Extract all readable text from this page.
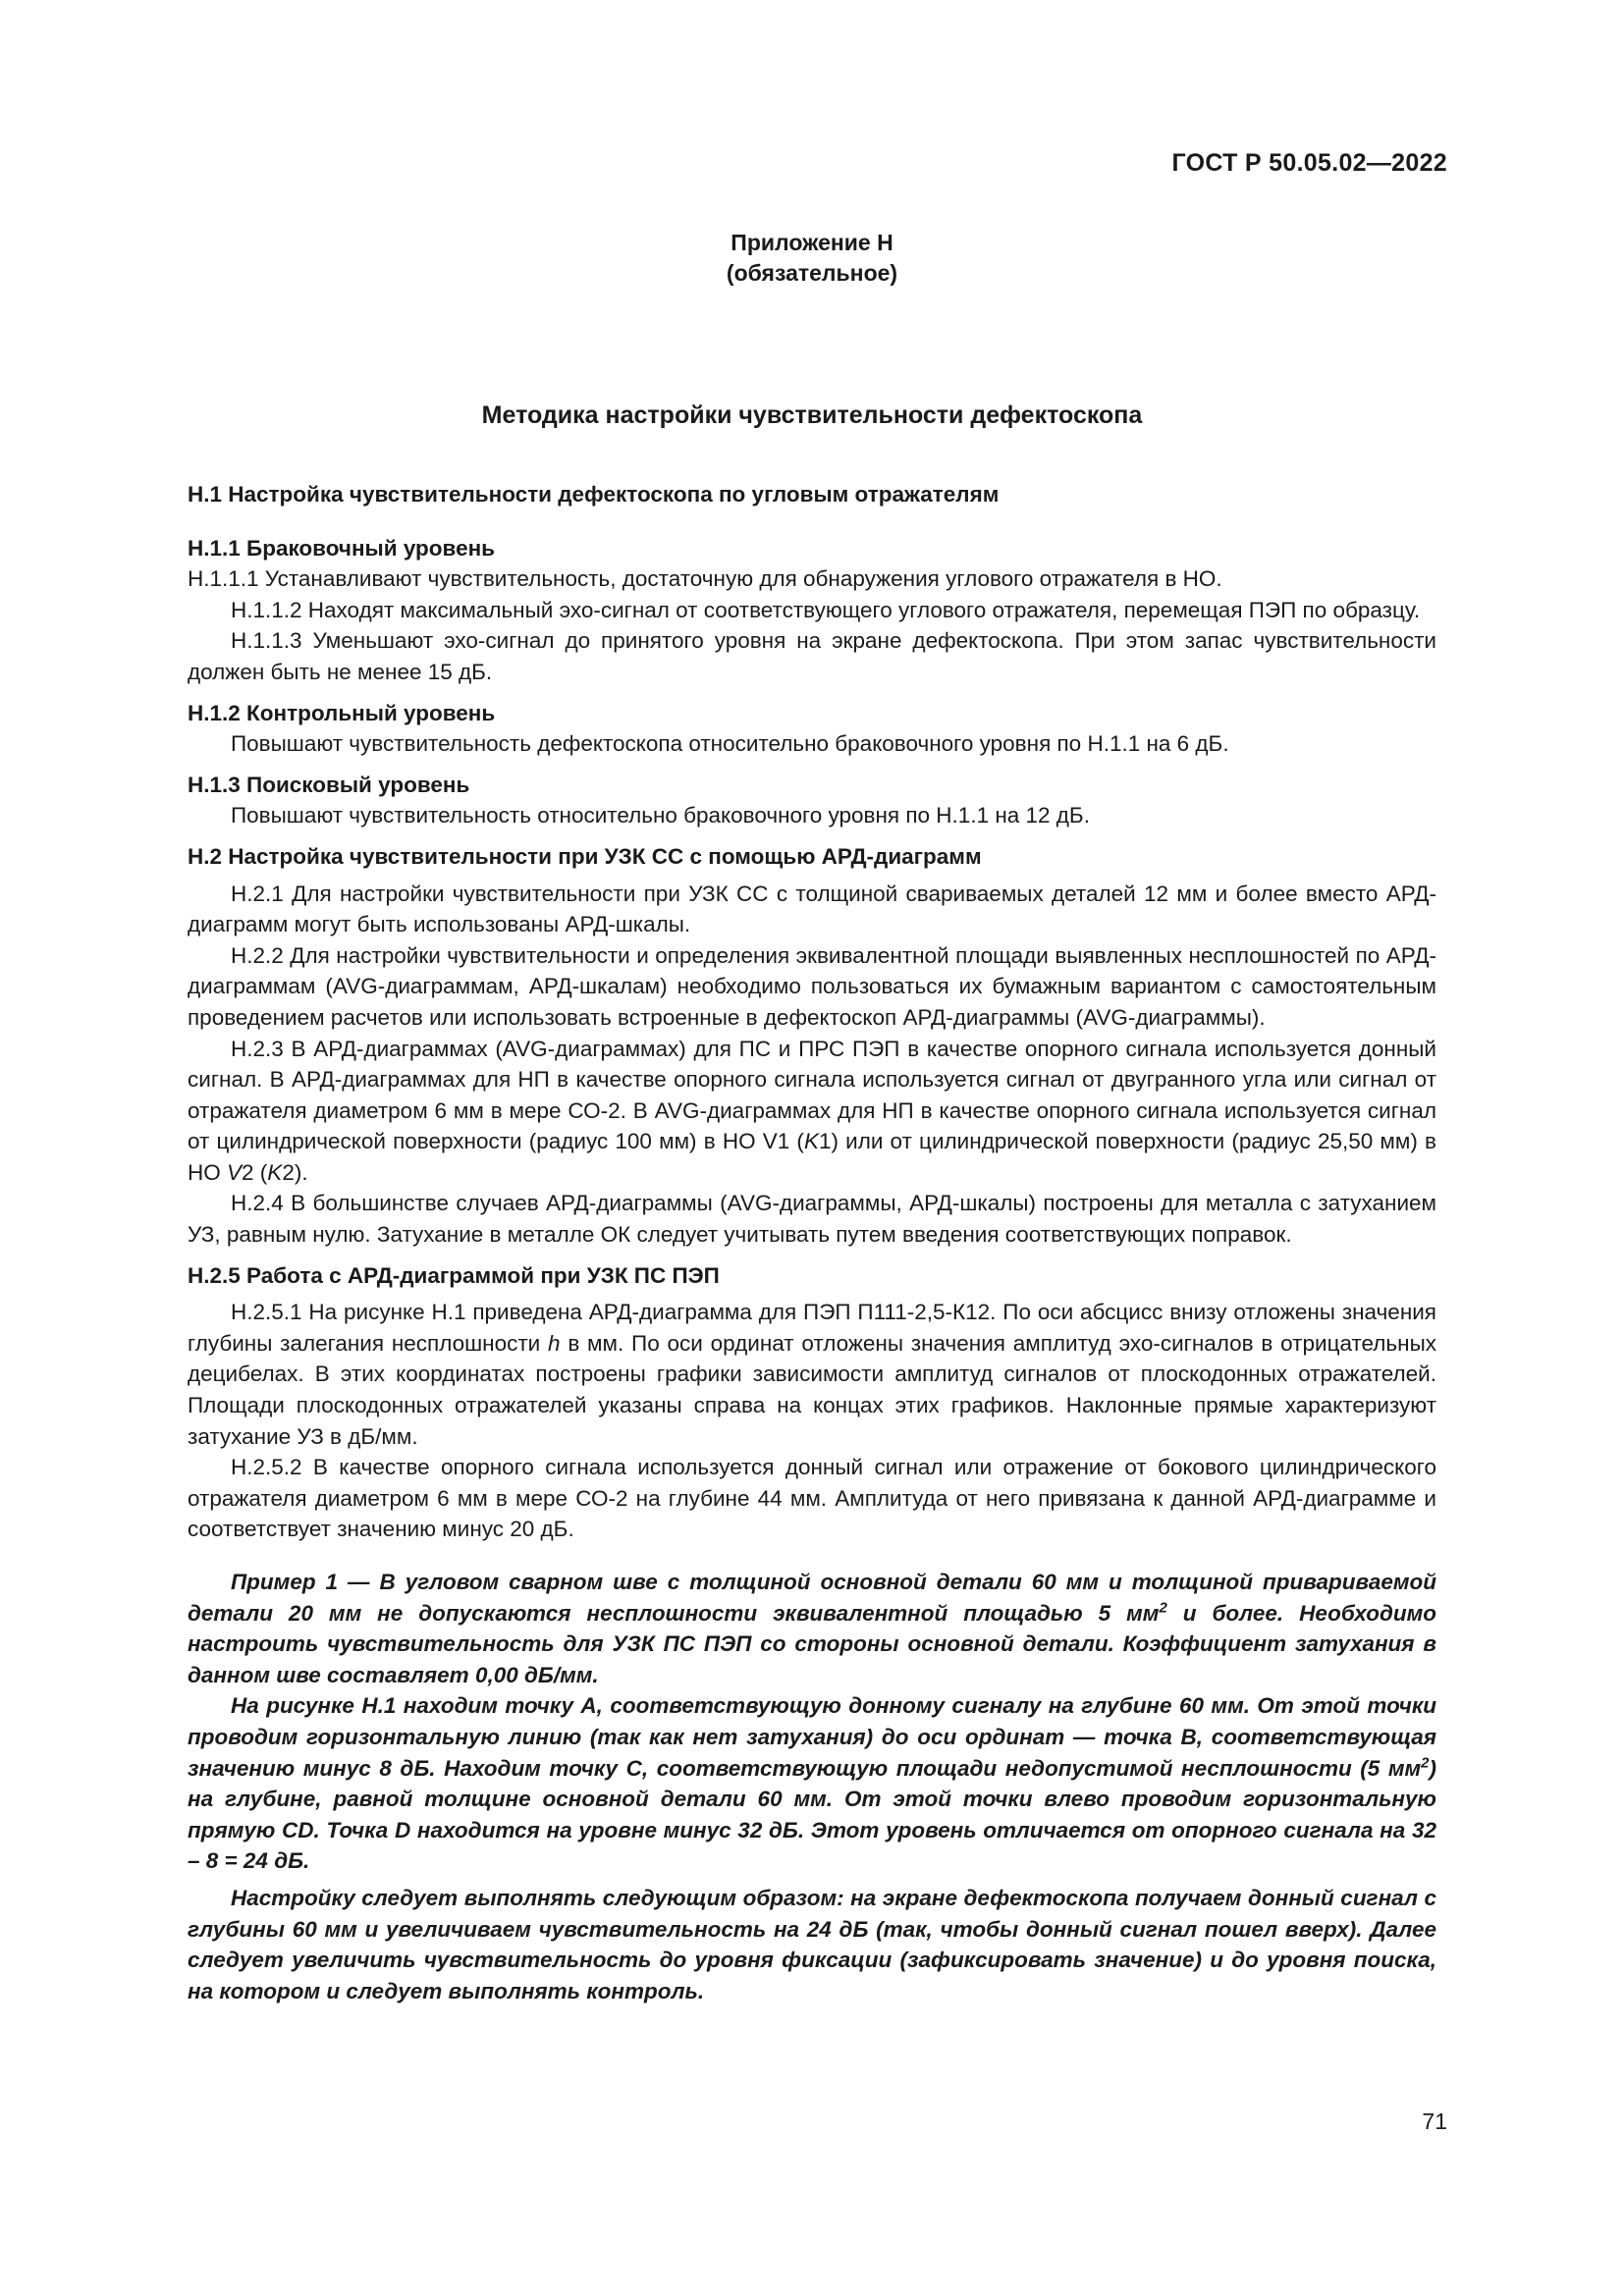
ГОСТ Р 50.05.02—2022
Приложение Н
(обязательное)
Методика настройки чувствительности дефектоскопа

Н.1 Настройка чувствительности дефектоскопа по угловым отражателям

Н.1.1 Браковочный уровень

Н.1.1.1 Устанавливают чувствительность, достаточную для обнаружения углового отражателя в НО.

Н.1.1.2 Находят максимальный эхо-сигнал от соответствующего углового отражателя, перемещая ПЭП по образцу.

Н.1.1.3 Уменьшают эхо-сигнал до принятого уровня на экране дефектоскопа. При этом запас чувствительности должен быть не менее 15 дБ.

Н.1.2 Контрольный уровень

Повышают чувствительность дефектоскопа относительно браковочного уровня по Н.1.1 на 6 дБ.

Н.1.3 Поисковый уровень

Повышают чувствительность относительно браковочного уровня по Н.1.1 на 12 дБ.

Н.2 Настройка чувствительности при УЗК СС с помощью АРД-диаграмм

Н.2.1 Для настройки чувствительности при УЗК СС с толщиной свариваемых деталей 12 мм и более вместо АРД-диаграмм могут быть использованы АРД-шкалы.

Н.2.2 Для настройки чувствительности и определения эквивалентной площади выявленных несплошностей по АРД-диаграммам (AVG-диаграммам, АРД-шкалам) необходимо пользоваться их бумажным вариантом с самостоятельным проведением расчетов или использовать встроенные в дефектоскоп АРД-диаграммы (AVG-диаграммы).

Н.2.3 В АРД-диаграммах (AVG-диаграммах) для ПС и ПРС ПЭП в качестве опорного сигнала используется донный сигнал. В АРД-диаграммах для НП в качестве опорного сигнала используется сигнал от двугранного угла или сигнал от отражателя диаметром 6 мм в мере СО-2. В AVG-диаграммах для НП в качестве опорного сигнала используется сигнал от цилиндрической поверхности (радиус 100 мм) в НО V1 (K1) или от цилиндрической поверхности (радиус 25,50 мм) в НО V2 (K2).

Н.2.4 В большинстве случаев АРД-диаграммы (AVG-диаграммы, АРД-шкалы) построены для металла с затуханием УЗ, равным нулю. Затухание в металле ОК следует учитывать путем введения соответствующих поправок.

Н.2.5 Работа с АРД-диаграммой при УЗК ПС ПЭП

Н.2.5.1 На рисунке Н.1 приведена АРД-диаграмма для ПЭП П111-2,5-К12. По оси абсцисс внизу отложены значения глубины залегания несплошности h в мм. По оси ординат отложены значения амплитуд эхо-сигналов в отрицательных децибелах. В этих координатах построены графики зависимости амплитуд сигналов от плоскодонных отражателей. Площади плоскодонных отражателей указаны справа на концах этих графиков. Наклонные прямые характеризуют затухание УЗ в дБ/мм.

Н.2.5.2 В качестве опорного сигнала используется донный сигнал или отражение от бокового цилиндрического отражателя диаметром 6 мм в мере СО-2 на глубине 44 мм. Амплитуда от него привязана к данной АРД-диаграмме и соответствует значению минус 20 дБ.

Пример 1 — В угловом сварном шве с толщиной основной детали 60 мм и толщиной привариваемой детали 20 мм не допускаются несплошности эквивалентной площадью 5 $мм^2$ и более. Необходимо настроить чувствительность для УЗК ПС ПЭП со стороны основной детали. Коэффициент затухания в данном шве составляет 0,00 дБ/мм.

На рисунке Н.1 находим точку А, соответствующую донному сигналу на глубине 60 мм. От этой точки проводим горизонтальную линию (так как нет затухания) до оси ординат — точка В, соответствующая значению минус 8 дБ. Находим точку С, соответствующую площади недопустимой несплошности (5 $мм^2$) на глубине, равной толщине основной детали 60 мм. От этой точки влево проводим горизонтальную прямую CD. Точка D находится на уровне минус 32 дБ. Этот уровень отличается от опорного сигнала на 32 – 8 = 24 дБ.

Настройку следует выполнять следующим образом: на экране дефектоскопа получаем донный сигнал с глубины 60 мм и увеличиваем чувствительность на 24 дБ (так, чтобы донный сигнал пошел вверх). Далее следует увеличить чувствительность до уровня фиксации (зафиксировать значение) и до уровня поиска, на котором и следует выполнять контроль.

71
